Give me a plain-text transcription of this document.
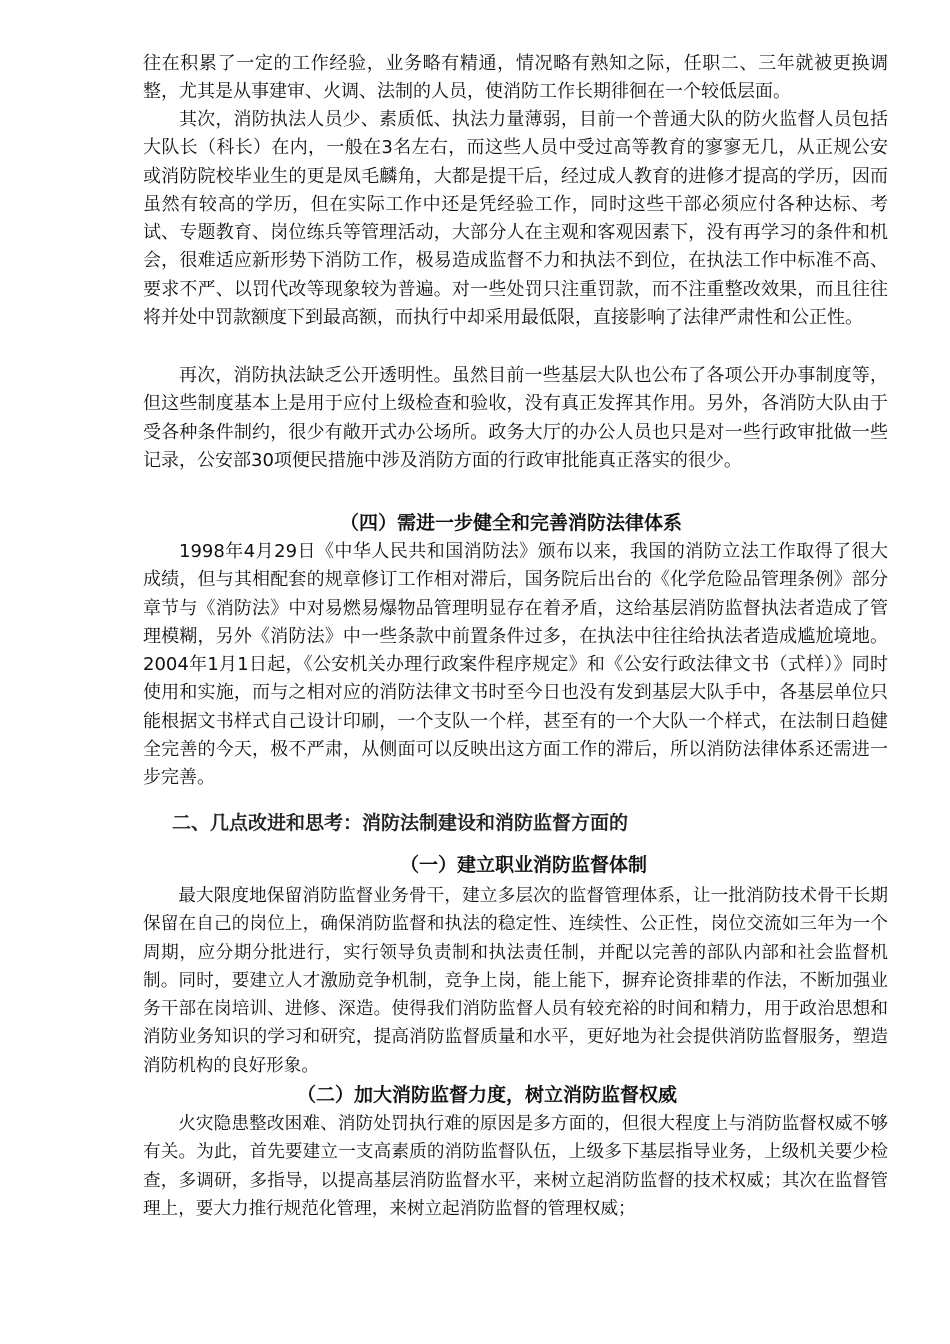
往在积累了一定的工作经验，业务略有精通，情况略有熟知之际，任职二、三年就被更换调整，尤其是从事建审、火调、法制的人员，使消防工作长期徘徊在一个较低层面。

其次，消防执法人员少、素质低、执法力量薄弱，目前一个普通大队的防火监督人员包括大队长（科长）在内，一般在3名左右，而这些人员中受过高等教育的寥寥无几，从正规公安或消防院校毕业生的更是凤毛麟角，大都是提干后，经过成人教育的进修才提高的学历，因而虽然有较高的学历，但在实际工作中还是凭经验工作，同时这些干部必须应付各种达标、考试、专题教育、岗位练兵等管理活动，大部分人在主观和客观因素下，没有再学习的条件和机会，很难适应新形势下消防工作，极易造成监督不力和执法不到位，在执法工作中标准不高、要求不严、以罚代改等现象较为普遍。对一些处罚只注重罚款，而不注重整改效果，而且往往将并处中罚款额度下到最高额，而执行中却采用最低限，直接影响了法律严肃性和公正性。

再次，消防执法缺乏公开透明性。虽然目前一些基层大队也公布了各项公开办事制度等，但这些制度基本上是用于应付上级检查和验收，没有真正发挥其作用。另外，各消防大队由于受各种条件制约，很少有敞开式办公场所。政务大厅的办公人员也只是对一些行政审批做一些记录，公安部30项便民措施中涉及消防方面的行政审批能真正落实的很少。

（四）需进一步健全和完善消防法律体系

1998年4月29日《中华人民共和国消防法》颁布以来，我国的消防立法工作取得了很大成绩，但与其相配套的规章修订工作相对滞后，国务院后出台的《化学危险品管理条例》部分章节与《消防法》中对易燃易爆物品管理明显存在着矛盾，这给基层消防监督执法者造成了管理模糊，另外《消防法》中一些条款中前置条件过多，在执法中往往给执法者造成尴尬境地。2004年1月1日起，《公安机关办理行政案件程序规定》和《公安行政法律文书（式样）》同时使用和实施，而与之相对应的消防法律文书时至今日也没有发到基层大队手中，各基层单位只能根据文书样式自己设计印刷，一个支队一个样，甚至有的一个大队一个样式，在法制日趋健全完善的今天，极不严肃，从侧面可以反映出这方面工作的滞后，所以消防法律体系还需进一步完善。

二、几点改进和思考：消防法制建设和消防监督方面的
（一）建立职业消防监督体制

最大限度地保留消防监督业务骨干，建立多层次的监督管理体系，让一批消防技术骨干长期保留在自己的岗位上，确保消防监督和执法的稳定性、连续性、公正性，岗位交流如三年为一个周期，应分期分批进行，实行领导负责制和执法责任制，并配以完善的部队内部和社会监督机制。同时，要建立人才激励竞争机制，竞争上岗，能上能下，摒弃论资排辈的作法，不断加强业务干部在岗培训、进修、深造。使得我们消防监督人员有较充裕的时间和精力，用于政治思想和消防业务知识的学习和研究，提高消防监督质量和水平，更好地为社会提供消防监督服务，塑造消防机构的良好形象。

（二）加大消防监督力度，树立消防监督权威

火灾隐患整改困难、消防处罚执行难的原因是多方面的，但很大程度上与消防监督权威不够有关。为此，首先要建立一支高素质的消防监督队伍，上级多下基层指导业务，上级机关要少检查，多调研，多指导，以提高基层消防监督水平，来树立起消防监督的技术权威；其次在监督管理上，要大力推行规范化管理，来树立起消防监督的管理权威；
